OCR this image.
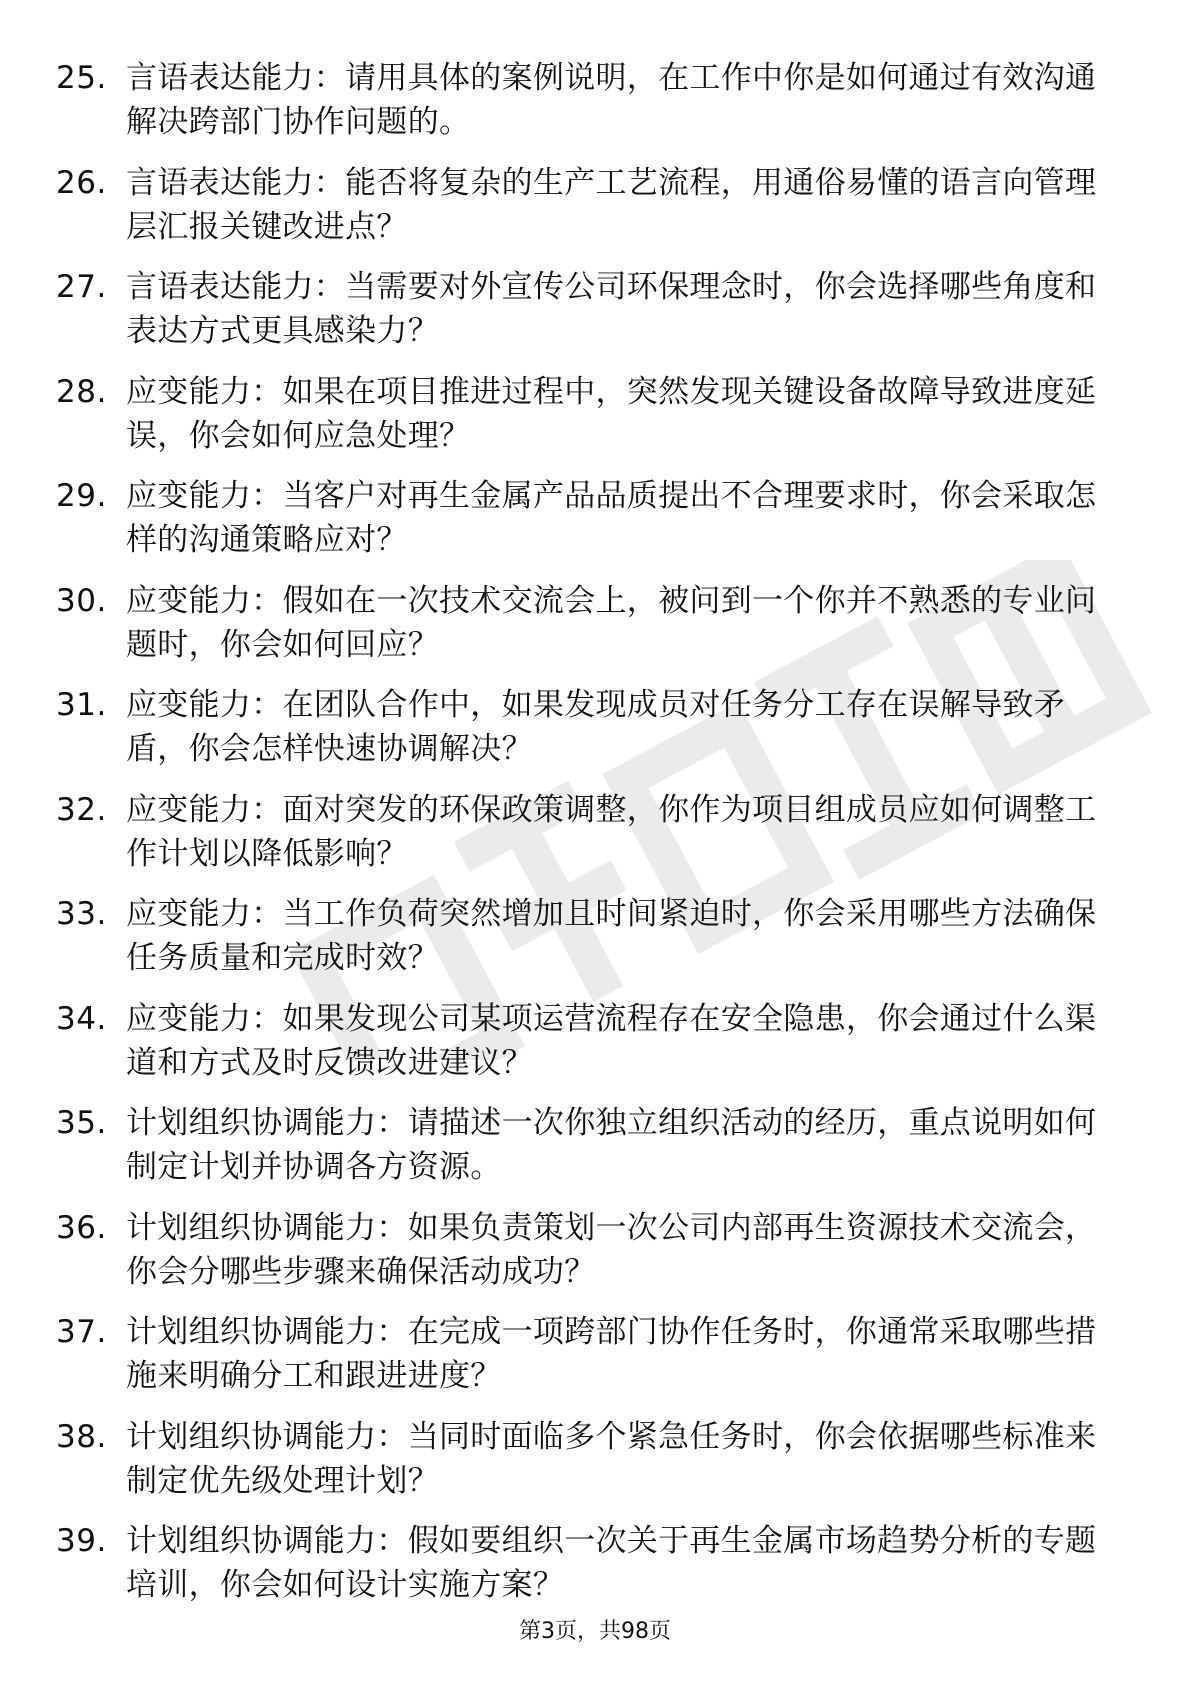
25. 言语表达能力：请用具体的案例说明，在工作中你是如何通过有效沟通解决跨部门协作问题的。
26. 言语表达能力：能否将复杂的生产工艺流程，用通俗易懂的语言向管理层汇报关键改进点？
27. 言语表达能力：当需要对外宣传公司环保理念时，你会选择哪些角度和表达方式更具感染力？
28. 应变能力：如果在项目推进过程中，突然发现关键设备故障导致进度延误，你会如何应急处理？
29. 应变能力：当客户对再生金属产品品质提出不合理要求时，你会采取怎样的沟通策略应对？
30. 应变能力：假如在一次技术交流会上，被问到一个你并不熟悉的专业问题时，你会如何回应？
31. 应变能力：在团队合作中，如果发现成员对任务分工存在误解导致矛盾，你会怎样快速协调解决？
32. 应变能力：面对突发的环保政策调整，你作为项目组成员应如何调整工作计划以降低影响？
33. 应变能力：当工作负荷突然增加且时间紧迫时，你会采用哪些方法确保任务质量和完成时效？
34. 应变能力：如果发现公司某项运营流程存在安全隐患，你会通过什么渠道和方式及时反馈改进建议？
35. 计划组织协调能力：请描述一次你独立组织活动的经历，重点说明如何制定计划并协调各方资源。
36. 计划组织协调能力：如果负责策划一次公司内部再生资源技术交流会，你会分哪些步骤来确保活动成功？
37. 计划组织协调能力：在完成一项跨部门协作任务时，你通常采取哪些措施来明确分工和跟进进度？
38. 计划组织协调能力：当同时面临多个紧急任务时，你会依据哪些标准来制定优先级处理计划？
39. 计划组织协调能力：假如要组织一次关于再生金属市场趋势分析的专题培训，你会如何设计实施方案？
第3页，共98页
